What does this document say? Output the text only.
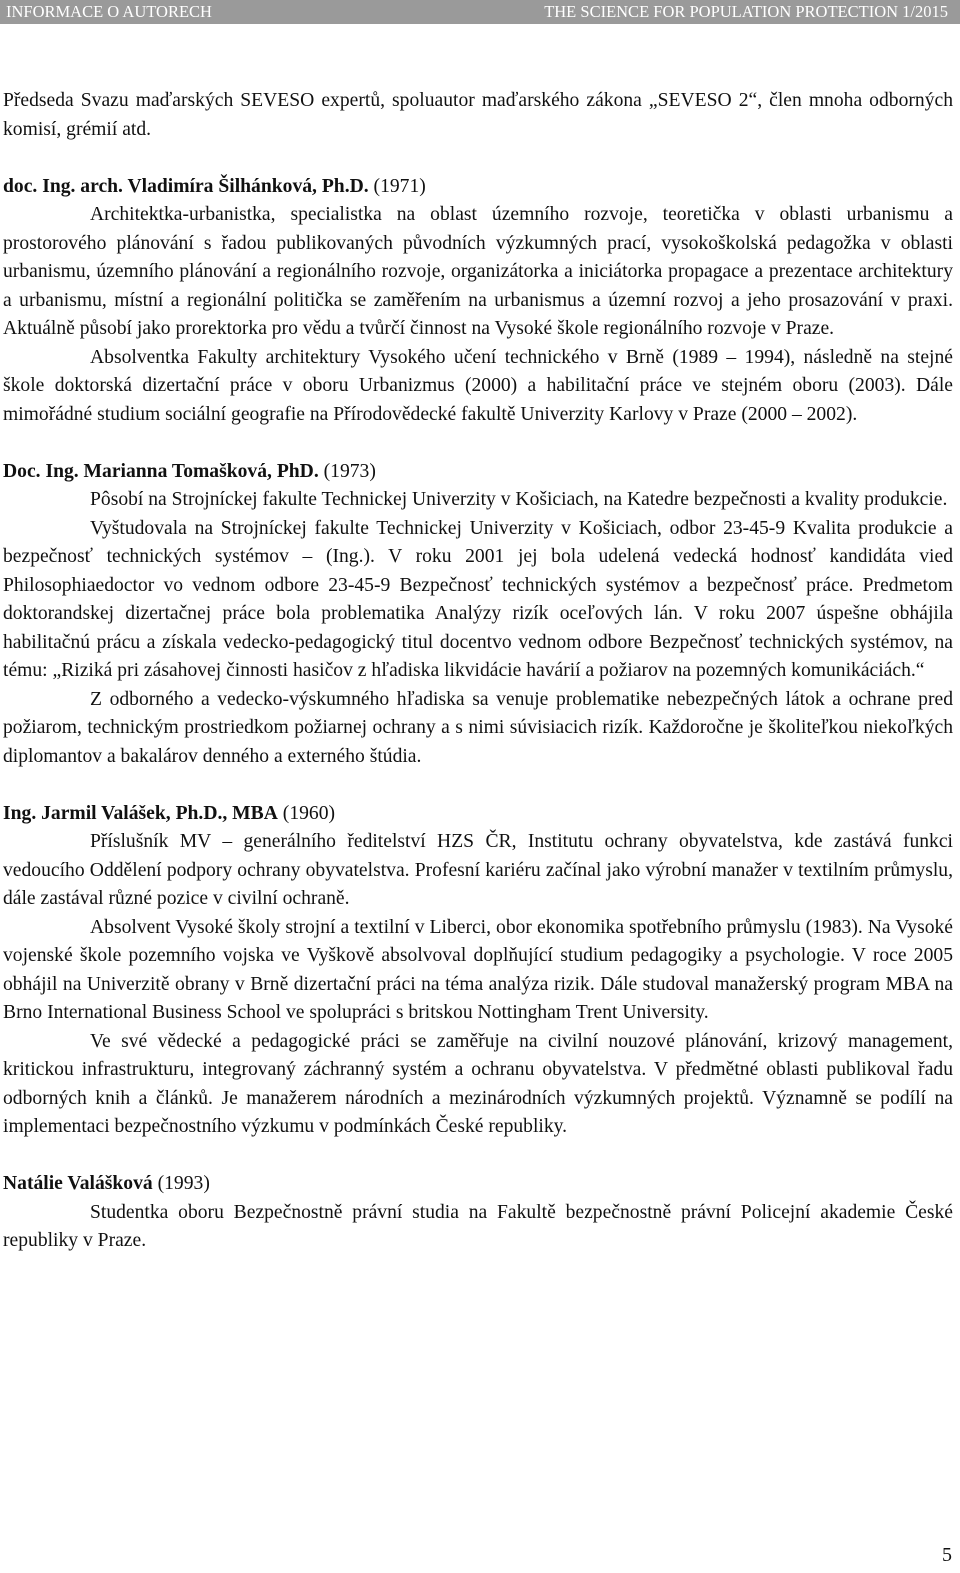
INFORMACE O AUTORECH	THE SCIENCE FOR POPULATION PROTECTION 1/2015

Předseda Svazu maďarských SEVESO expertů, spoluautor maďarského zákona „SEVESO 2“, člen mnoha odborných komisí, grémií atd.

doc. Ing. arch. Vladimíra Šilhánková, Ph.D. (1971)

Architektka-urbanistka, specialistka na oblast územního rozvoje, teoretička v oblasti urbanismu a prostorového plánování s řadou publikovaných původních výzkumných prací, vysokoškolská pedagožka v oblasti urbanismu, územního plánování a regionálního rozvoje, organizátorka a iniciátorka propagace a prezentace architektury a urbanismu, místní a regionální politička se zaměřením na urbanismus a územní rozvoj a jeho prosazování v praxi. Aktuálně působí jako prorektorka pro vědu a tvůrčí činnost na Vysoké škole regionálního rozvoje v Praze.

Absolventka Fakulty architektury Vysokého učení technického v Brně (1989 – 1994), následně na stejné škole doktorská dizertační práce v oboru Urbanizmus (2000) a habilitační práce ve stejném oboru (2003). Dále mimořádné studium sociální geografie na Přírodovědecké fakultě Univerzity Karlovy v Praze (2000 – 2002).

Doc. Ing. Marianna Tomašková, PhD. (1973)

Pôsobí na Strojníckej fakulte Technickej Univerzity v Košiciach, na Katedre bezpečnosti a kvality produkcie.

Vyštudovala na Strojníckej fakulte Technickej Univerzity v Košiciach, odbor 23-45-9 Kvalita produkcie a bezpečnosť technických systémov – (Ing.). V roku 2001 jej bola udelená vedecká hodnosť kandidáta vied Philosophiaedoctor vo vednom odbore 23-45-9 Bezpečnosť technických systémov a bezpečnosť práce. Predmetom doktorandskej dizertačnej práce bola problematika Analýzy rizík oceľových lán. V roku 2007 úspešne obhájila habilitačnú prácu a získala vedecko-pedagogický titul docentvo vednom odbore Bezpečnosť technických systémov, na tému: „Riziká pri zásahovej činnosti hasičov z hľadiska likvidácie havárií a požiarov na pozemných komunikáciách.“

Z odborného a vedecko-výskumného hľadiska sa venuje problematike nebezpečných látok a ochrane pred požiarom, technickým prostriedkom požiarnej ochrany a s nimi súvisiacich rizík. Každoročne je školiteľkou niekoľkých diplomantov a bakalárov denného a externého štúdia.

Ing. Jarmil Valášek, Ph.D., MBA (1960)

Příslušník MV – generálního ředitelství HZS ČR, Institutu ochrany obyvatelstva, kde zastává funkci vedoucího Oddělení podpory ochrany obyvatelstva. Profesní kariéru začínal jako výrobní manažer v textilním průmyslu, dále zastával různé pozice v civilní ochraně.

Absolvent Vysoké školy strojní a textilní v Liberci, obor ekonomika spotřebního průmyslu (1983). Na Vysoké vojenské škole pozemního vojska ve Vyškově absolvoval doplňující studium pedagogiky a psychologie. V roce 2005 obhájil na Univerzitě obrany v Brně dizertační práci na téma analýza rizik. Dále studoval manažerský program MBA na Brno International Business School ve spolupráci s britskou Nottingham Trent University.

Ve své vědecké a pedagogické práci se zaměřuje na civilní nouzové plánování, krizový management, kritickou infrastrukturu, integrovaný záchranný systém a ochranu obyvatelstva. V předmětné oblasti publikoval řadu odborných knih a článků. Je manažerem národních a mezinárodních výzkumných projektů. Významně se podílí na implementaci bezpečnostního výzkumu v podmínkách České republiky.

Natálie Valášková (1993)

Studentka oboru Bezpečnostně právní studia na Fakultě bezpečnostně právní Policejní akademie České republiky v Praze.

5
